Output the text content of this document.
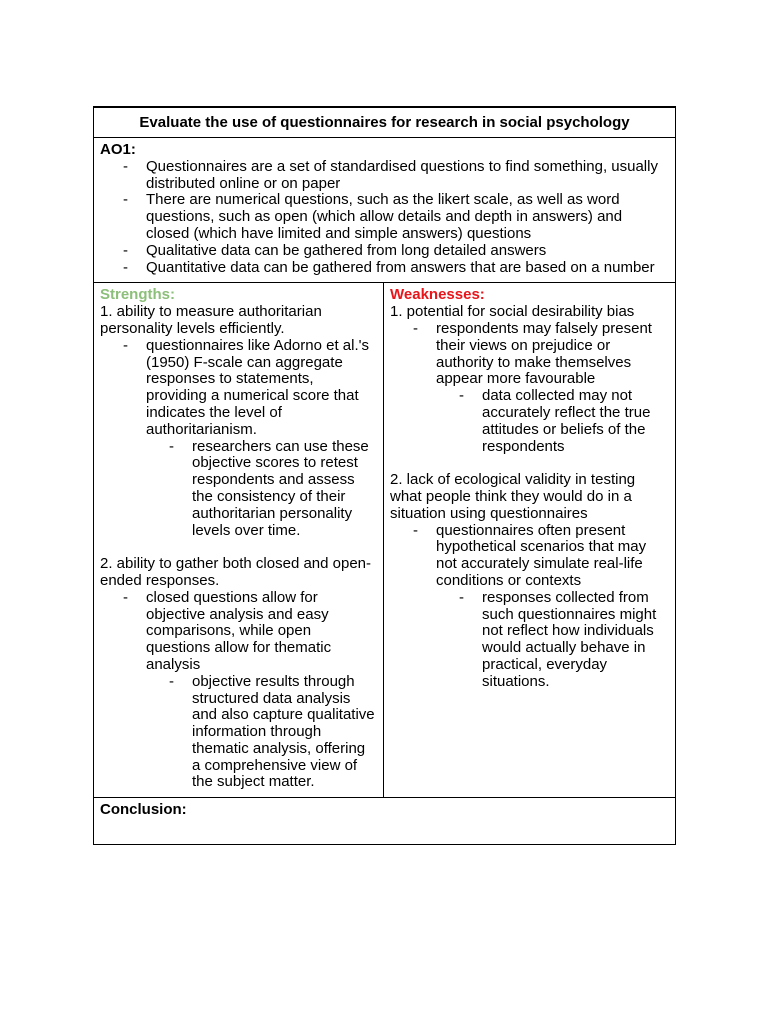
Evaluate the use of questionnaires for research in social psychology

AO1:
- Questionnaires are a set of standardised questions to find something, usually distributed online or on paper
- There are numerical questions, such as the likert scale, as well as word questions, such as open (which allow details and depth in answers) and closed (which have limited and simple answers) questions
- Qualitative data can be gathered from long detailed answers
- Quantitative data can be gathered from answers that are based on a number

Strengths:
1. ability to measure authoritarian personality levels efficiently.
- questionnaires like Adorno et al.'s (1950) F-scale can aggregate responses to statements, providing a numerical score that indicates the level of authoritarianism.
- researchers can use these objective scores to retest respondents and assess the consistency of their authoritarian personality levels over time.
2. ability to gather both closed and open-ended responses.
- closed questions allow for objective analysis and easy comparisons, while open questions allow for thematic analysis
- objective results through structured data analysis and also capture qualitative information through thematic analysis, offering a comprehensive view of the subject matter.

Weaknesses:
1. potential for social desirability bias
- respondents may falsely present their views on prejudice or authority to make themselves appear more favourable
- data collected may not accurately reflect the true attitudes or beliefs of the respondents
2. lack of ecological validity in testing what people think they would do in a situation using questionnaires
- questionnaires often present hypothetical scenarios that may not accurately simulate real-life conditions or contexts
- responses collected from such questionnaires might not reflect how individuals would actually behave in practical, everyday situations.

Conclusion:
